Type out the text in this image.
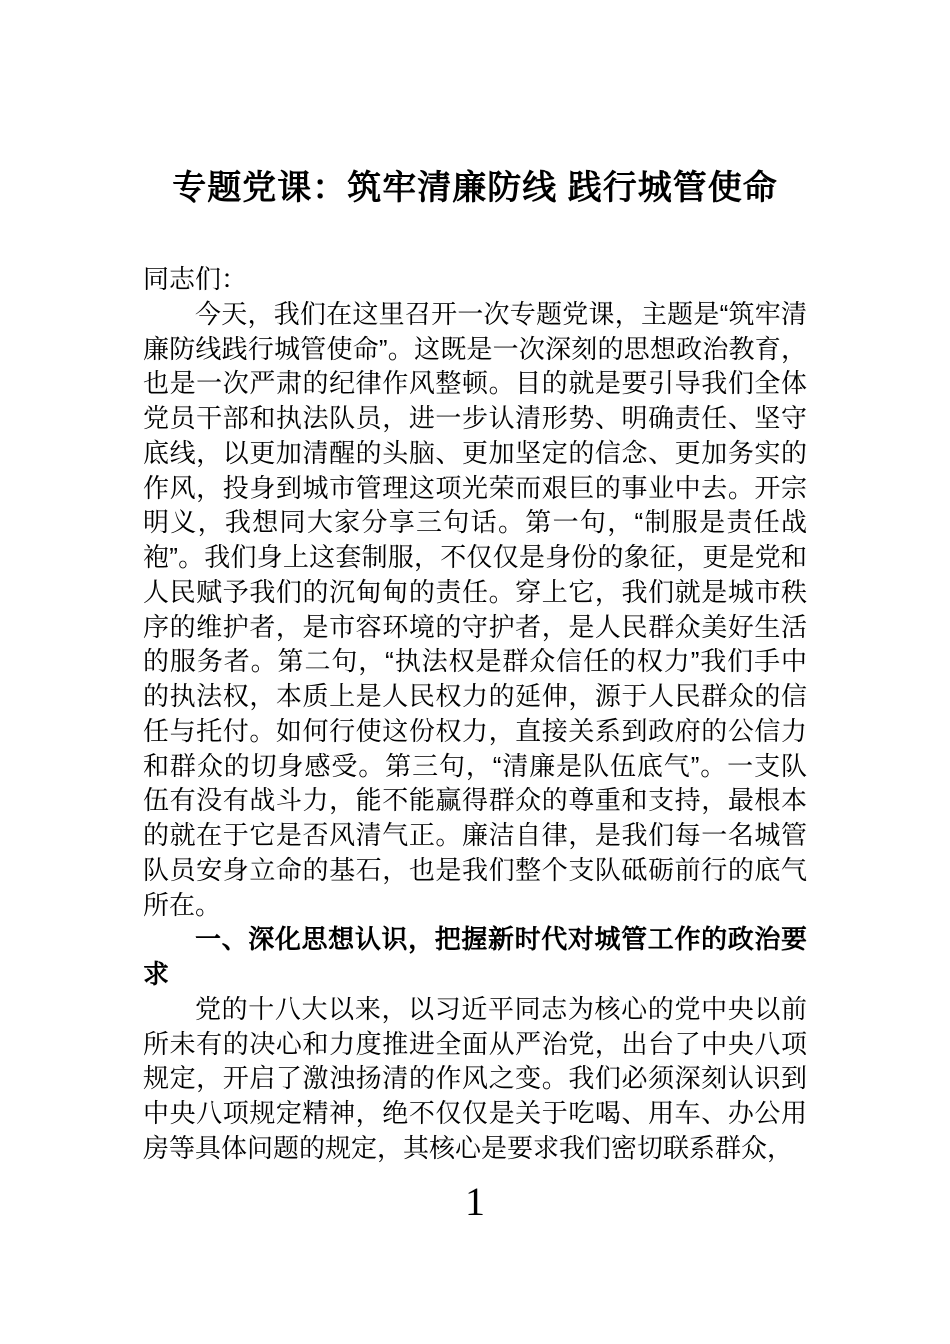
专题党课：筑牢清廉防线 践行城管使命

同志们：

今天，我们在这里召开一次专题党课，主题是“筑牢清廉防线践行城管使命”。这既是一次深刻的思想政治教育，也是一次严肃的纪律作风整顿。目的就是要引导我们全体党员干部和执法队员，进一步认清形势、明确责任、坚守底线，以更加清醒的头脑、更加坚定的信念、更加务实的作风，投身到城市管理这项光荣而艰巨的事业中去。开宗明义，我想同大家分享三句话。第一句，“制服是责任战袍”。我们身上这套制服，不仅仅是身份的象征，更是党和人民赋予我们的沉甸甸的责任。穿上它，我们就是城市秩序的维护者，是市容环境的守护者，是人民群众美好生活的服务者。第二句，“执法权是群众信任的权力”我们手中的执法权，本质上是人民权力的延伸，源于人民群众的信任与托付。如何行使这份权力，直接关系到政府的公信力和群众的切身感受。第三句，“清廉是队伍底气”。一支队伍有没有战斗力，能不能赢得群众的尊重和支持，最根本的就在于它是否风清气正。廉洁自律，是我们每一名城管队员安身立命的基石，也是我们整个支队砥砺前行的底气所在。

一、深化思想认识，把握新时代对城管工作的政治要求

党的十八大以来，以习近平同志为核心的党中央以前所未有的决心和力度推进全面从严治党，出台了中央八项规定，开启了激浊扬清的作风之变。我们必须深刻认识到中央八项规定精神，绝不仅仅是关于吃喝、用车、办公用房等具体问题的规定，其核心是要求我们密切联系群众，

1
